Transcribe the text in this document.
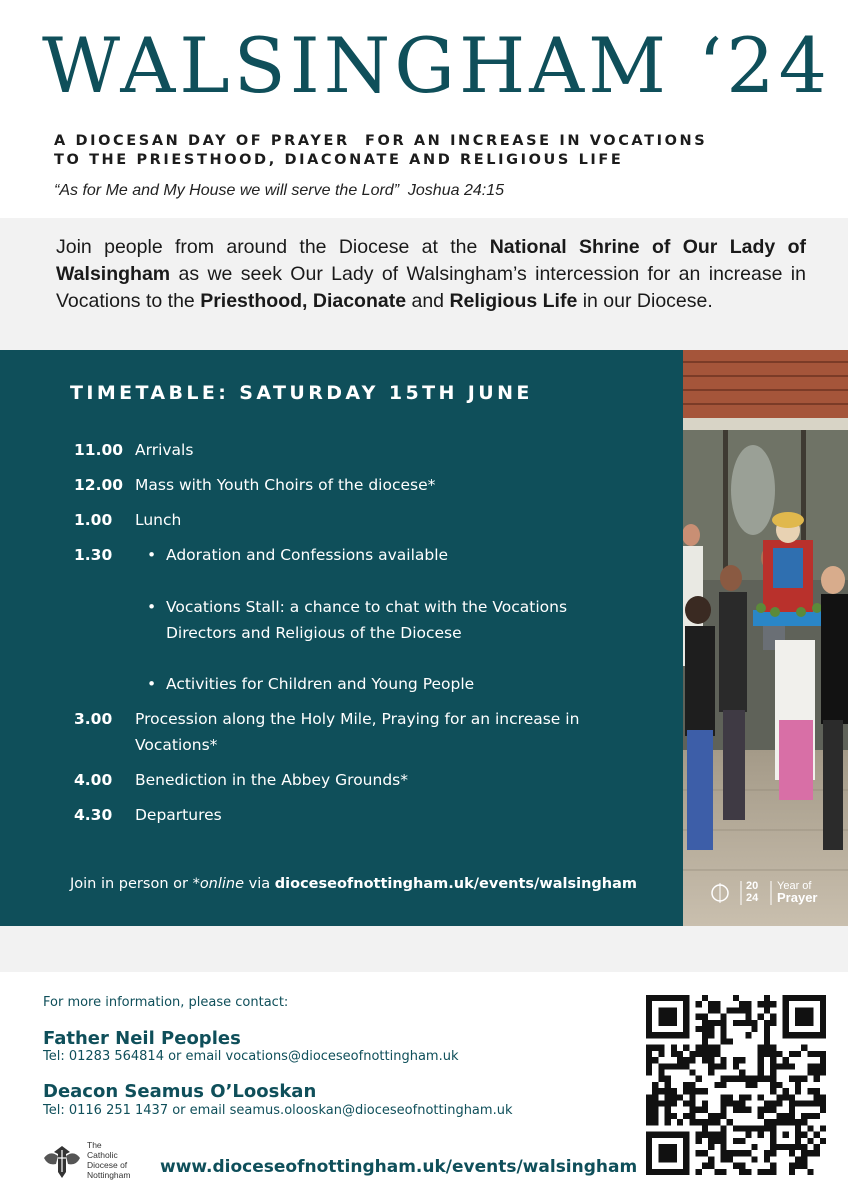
WALSINGHAM ‘24
A DIOCESAN DAY OF PRAYER  FOR AN INCREASE IN VOCATIONS
TO THE PRIESTHOOD, DIACONATE AND RELIGIOUS LIFE
“As for Me and My House we will serve the Lord”  Joshua 24:15
Join people from around the Diocese at the National Shrine of Our Lady of Walsingham as we seek Our Lady of Walsingham’s intercession for an increase in Vocations to the Priesthood, Diaconate and Religious Life in our Diocese.
TIMETABLE: SATURDAY 15TH JUNE
11.00 Arrivals
12.00 Mass with Youth Choirs of the diocese*
1.00 Lunch
1.30 • Adoration and Confessions available
• Vocations Stall: a chance to chat with the Vocations Directors and Religious of the Diocese
• Activities for Children and Young People
3.00 Procession along the Holy Mile, Praying for an increase in Vocations*
4.00 Benediction in the Abbey Grounds*
4.30 Departures
Join in person or *online via dioceseofnottingham.uk/events/walsingham	20
24
Year of
Prayer
For more information, please contact:
Father Neil Peoples
Tel: 01283 564814 or email vocations@dioceseofnottingham.uk
Deacon Seamus O’Looskan
Tel: 0116 251 1437 or email seamus.olooskan@dioceseofnottingham.uk
The
Catholic
Diocese of
Nottingham www.dioceseofnottingham.uk/events/walsingham
